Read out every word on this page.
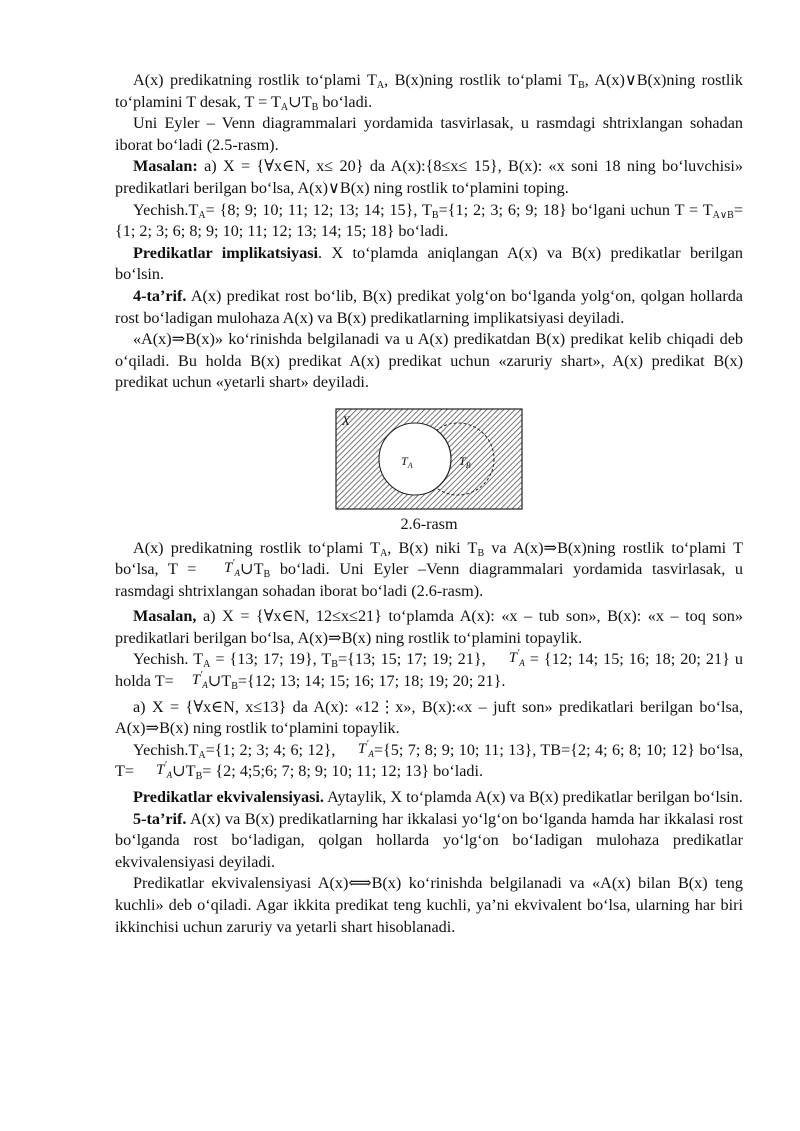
A(x) predikatning rostlik to‘plami $T_A$, B(x)ning rostlik to‘plami $T_B$, A(x)∨B(x)ning rostlik to‘plamini T desak, $T = T_A\cup T_B$ bo‘ladi.

Uni Eyler – Venn diagrammalari yordamida tasvirlasak, u rasmdagi shtrixlangan sohadan iborat bo‘ladi (2.5-rasm).

Masalan: a) X = {∀x∈N, x≤ 20} da A(x):{8≤x≤ 15}, B(x): «x soni 18 ning bo‘luvchisi» predikatlari berilgan bo‘lsa, A(x)∨B(x) ning rostlik to‘plamini toping.

$Yechish.T_A= \{8$; 9; 10; 11; 12; 13; 14; 15}, $T_B=\{1$; 2; 3; 6; 9; 18} bo‘lgani uchun $T = T_{A\vee B}= \{1$; 2; 3; 6; 8; 9; 10; 11; 12; 13; 14; 15; 18} bo‘ladi.

Predikatlar implikatsiyasi. X to‘plamda aniqlangan A(x) va B(x) predikatlar berilgan bo‘lsin.

4-ta’rif. A(x) predikat rost bo‘lib, B(x) predikat yolg‘on bo‘lganda yolg‘on, qolgan hollarda rost bo‘ladigan mulohaza A(x) va B(x) predikatlarning implikatsiyasi deyiladi.

«A(x)⇒B(x)» ko‘rinishda belgilanadi va u A(x) predikatdan B(x) predikat kelib chiqadi deb o‘qiladi. Bu holda B(x) predikat A(x) predikat uchun «zaruriy shart», A(x) predikat B(x) predikat uchun «yetarli shart» deyiladi.

X
$T_A$	$T_B$

2.6-rasm

A(x) predikatning rostlik to‘plami $T_A$, B(x) niki $T_B$ va A(x)⇒B(x)ning rostlik to‘plami T bo‘lsa, $T = T'_A\cup T_B$ bo‘ladi. Uni Eyler –Venn diagrammalari yordamida tasvirlasak, u rasmdagi shtrixlangan sohadan iborat bo‘ladi (2.6-rasm).

Masalan, a) X = {∀x∈N, 12≤x≤21} to‘plamda A(x): «x – tub son», B(x): «x – toq son» predikatlari berilgan bo‘lsa, A(x)⇒B(x) ning rostlik to‘plamini topaylik.

Yechish. $T_A = \{13$; 17; 19}, $T_B=\{13$; 15; 17; 19; 21}, $T'_A = \{12$; 14; 15; 16; 18; 20; 21} u holda $T= T'_A\cup T_B=\{12$; 13; 14; 15; 16; 17; 18; 19; 20; 21}.

a) X = {∀x∈N, x≤13} da A(x): «12⋮x», B(x):«x – juft son» predikatlari berilgan bo‘lsa, A(x)⇒B(x) ning rostlik to‘plamini topaylik.

$Yechish.T_A=\{1$; 2; 3; 4; 6; 12}, $T'_A=\{5$; 7; 8; 9; 10; 11; 13}, TB={2; 4; 6; 8; 10; 12} bo‘lsa, $T= T'_A\cup T_B= \{2$; 4;5;6; 7; 8; 9; 10; 11; 12; 13} bo‘ladi.

Predikatlar ekvivalensiyasi. Aytaylik, X to‘plamda A(x) va B(x) predikatlar berilgan bo‘lsin.

5-ta’rif. A(x) va B(x) predikatlarning har ikkalasi yo‘lg‘on bo‘lganda hamda har ikkalasi rost bo‘lganda rost bo‘ladigan, qolgan hollarda yo‘lg‘on bo‘Iadigan mulohaza predikatlar ekvivalensiyasi deyiladi.

Predikatlar ekvivalensiyasi A(x)⟺B(x) ko‘rinishda belgilanadi va «A(x) bilan B(x) teng kuchli» deb o‘qiladi. Agar ikkita predikat teng kuchli, ya’ni ekvivalent bo‘lsa, ularning har biri ikkinchisi uchun zaruriy va yetarli shart hisoblanadi.
